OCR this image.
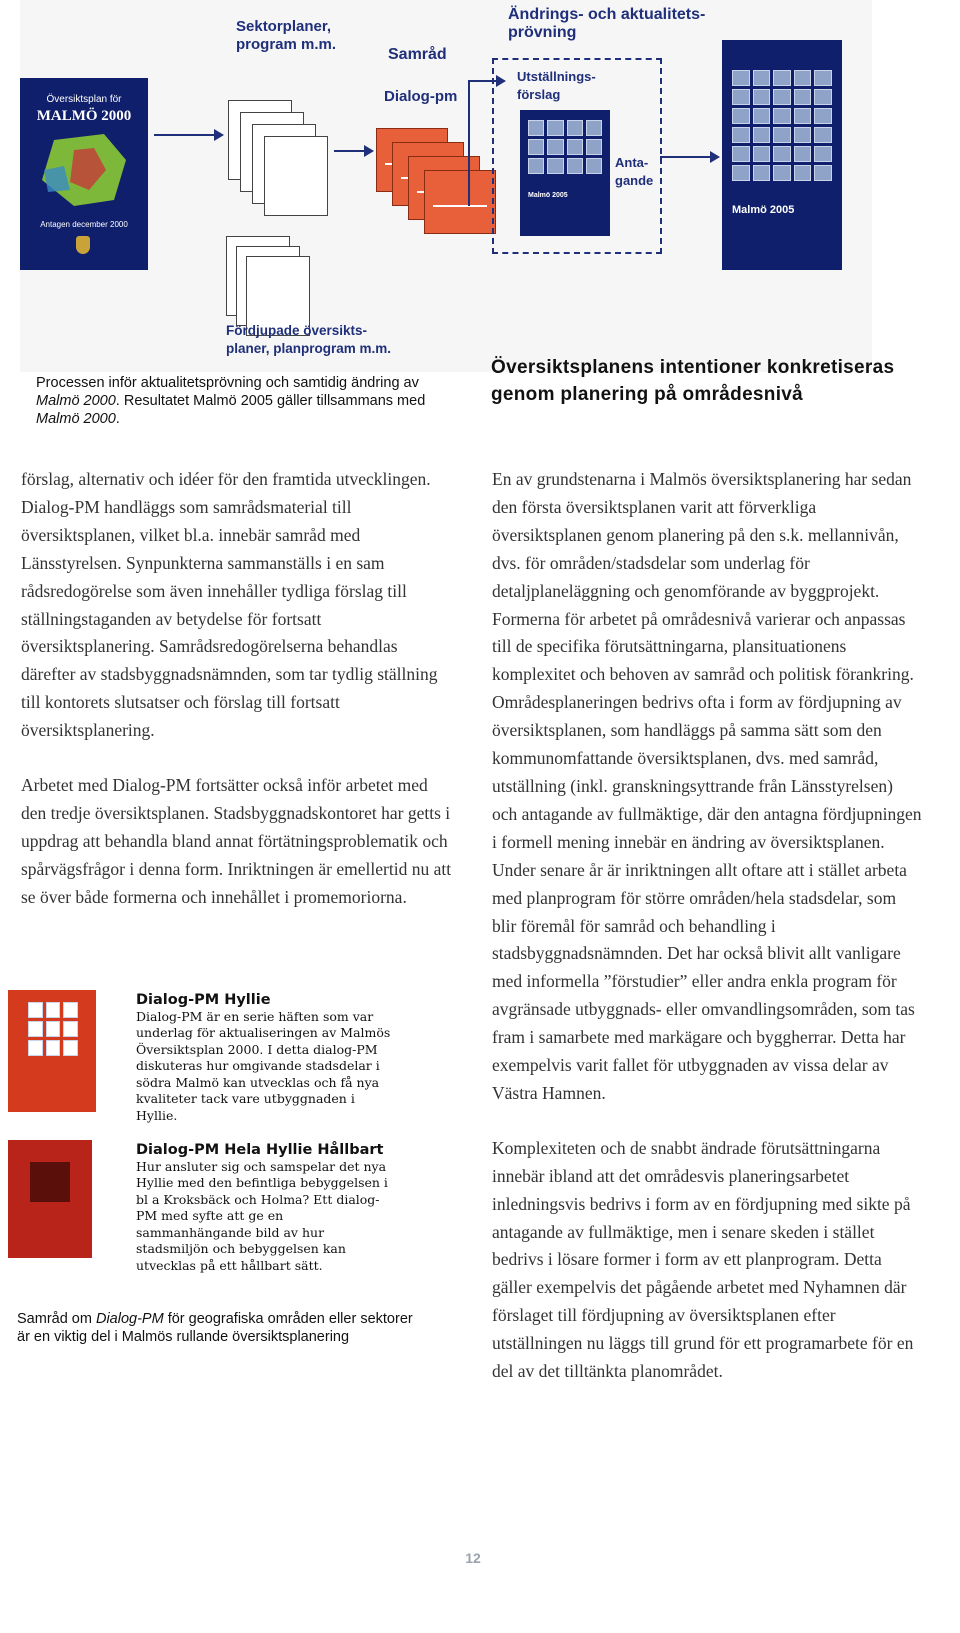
Översiktsplan för
MALMÖ 2000
Antagen december 2000
Sektorplaner,
program m.m.
Samråd
Dialog-pm
Ändrings- och aktualitets-
prövning
Utställnings-
förslag
Anta-
gande
Malmö 2005
Malmö 2005
Fördjupade översikts-
planer, planprogram m.m.
Processen inför aktualitetsprövning och samtidig ändring av Malmö 2000. Resultatet Malmö 2005 gäller tillsammans med Malmö 2000.
Översiktsplanens intentioner konkretiseras genom planering på områdesnivå

förslag, alternativ och idéer för den framtida utvecklingen. Dialog-PM handläggs som samrådsmaterial till översiktsplanen, vilket bl.a. innebär samråd med Länsstyrelsen. Synpunkterna sammanställs i en sam rådsredogörelse som även innehåller tydliga förslag till ställningstaganden av betydelse för fortsatt översiktsplanering. Samrådsredogörelserna behandlas därefter av stadsbyggnadsnämnden, som tar tydlig ställning till kontorets slutsatser och förslag till fortsatt översiktsplanering.

Arbetet med Dialog-PM fortsätter också inför arbetet med den tredje översiktsplanen. Stadsbyggnadskontoret har getts i uppdrag att behandla bland annat förtätningsproblematik och spårvägsfrågor i denna form. Inriktningen är emellertid nu att se över både formerna och innehållet i promemoriorna.

Dialog-PM Hyllie
Dialog-PM är en serie häften som var underlag för aktualiseringen av Malmös Översiktsplan 2000. I detta dialog-PM diskuteras hur omgivande stadsdelar i södra Malmö kan utvecklas och få nya kvaliteter tack vare utbyggnaden i Hyllie.
Dialog-PM Hela Hyllie Hållbart
Hur ansluter sig och samspelar det nya Hyllie med den befintliga bebyggelsen i bl a Kroksbäck och Holma? Ett dialog-PM med syfte att ge en sammanhängande bild av hur stadsmiljön och bebyggelsen kan utvecklas på ett hållbart sätt.
Samråd om Dialog-PM för geografiska områden eller sektorer är en viktig del i Malmös rullande översiktsplanering

En av grundstenarna i Malmös översiktsplanering har sedan den första översiktsplanen varit att förverkliga översiktsplanen genom planering på den s.k. mellannivån, dvs. för områden/stadsdelar som underlag för detaljplaneläggning och genomförande av byggprojekt. Formerna för arbetet på områdesnivå varierar och anpassas till de specifika förutsättningarna, plansituationens komplexitet och behoven av samråd och politisk förankring. Områdesplaneringen bedrivs ofta i form av fördjupning av översiktsplanen, som handläggs på samma sätt som den kommunomfattande översiktsplanen, dvs. med samråd, utställning (inkl. granskningsyttrande från Länsstyrelsen) och antagande av fullmäktige, där den antagna fördjupningen i formell mening innebär en ändring av översiktsplanen. Under senare år är inriktningen allt oftare att i stället arbeta med planprogram för större områden/hela stadsdelar, som blir föremål för samråd och behandling i stadsbyggnadsnämnden. Det har också blivit allt vanligare med informella ”förstudier” eller andra enkla program för avgränsade utbyggnads- eller omvandlingsområden, som tas fram i samarbete med markägare och byggherrar. Detta har exempelvis varit fallet för utbyggnaden av vissa delar av Västra Hamnen.

Komplexiteten och de snabbt ändrade förutsättningarna innebär ibland att det områdesvis planeringsarbetet inledningsvis bedrivs i form av en fördjupning med sikte på antagande av fullmäktige, men i senare skeden i stället bedrivs i lösare former i form av ett planprogram. Detta gäller exempelvis det pågående arbetet med Nyhamnen där förslaget till fördjupning av översiktsplanen efter utställningen nu läggs till grund för ett programarbete för en del av det tilltänkta planområdet.

12
